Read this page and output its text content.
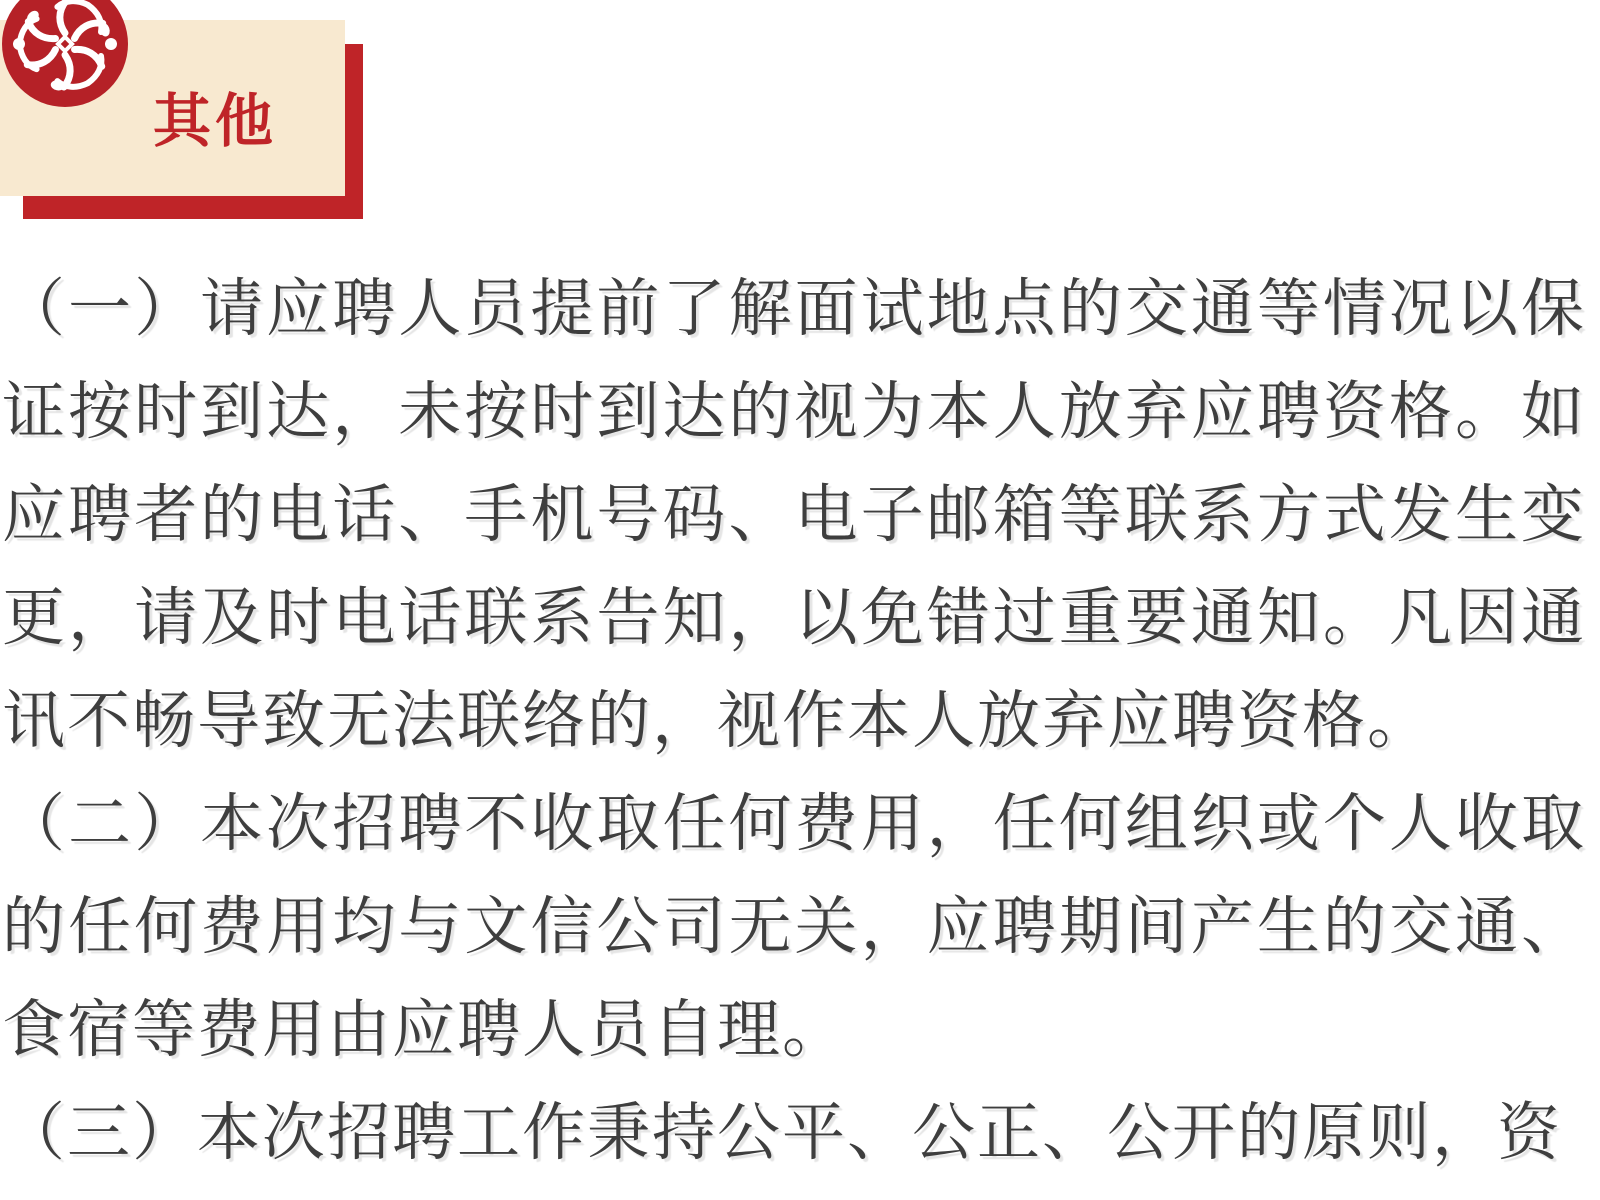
其他

（一）请应聘人员提前了解面试地点的交通等情况以保证按时到达，未按时到达的视为本人放弃应聘资格。如应聘者的电话、手机号码、电子邮箱等联系方式发生变更，请及时电话联系告知，以免错过重要通知。凡因通讯不畅导致无法联络的，视作本人放弃应聘资格。

（二）本次招聘不收取任何费用，任何组织或个人收取的任何费用均与文信公司无关，应聘期间产生的交通、食宿等费用由应聘人员自理。

（三）本次招聘工作秉持公平、公正、公开的原则，资
